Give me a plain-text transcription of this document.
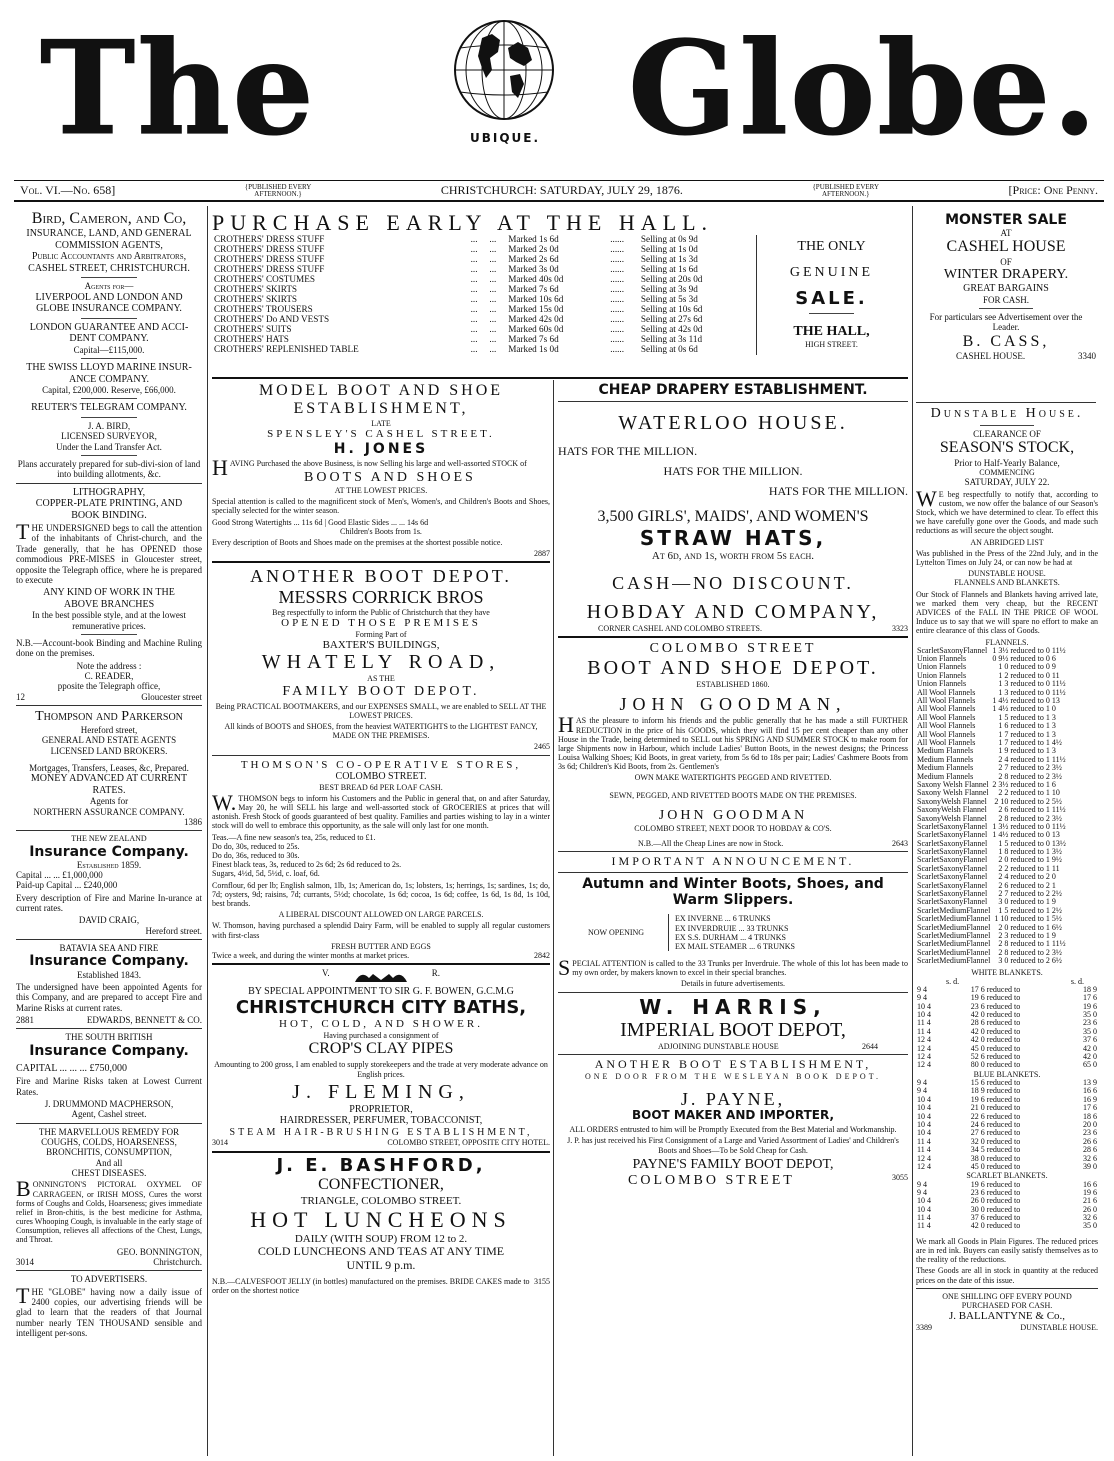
The	UBIQUE. Globe.
Vol. VI.—No. 658]	{PUBLISHED EVERY AFTERNOON.}	CHRISTCHURCH: SATURDAY, JULY 29, 1876.	{PUBLISHED EVERY AFTERNOON.}	[Price: One Penny.
Bird, Cameron, and Co,
INSURANCE, LAND, AND GENERAL
COMMISSION AGENTS,
Public Accountants and Arbitrators,
CASHEL STREET, CHRISTCHURCH.
Agents for—
LIVERPOOL AND LONDON AND
GLOBE INSURANCE COMPANY.
LONDON GUARANTEE AND ACCI-
DENT COMPANY.
Capital—£115,000.
THE SWISS LLOYD MARINE INSUR-
ANCE COMPANY.
Capital, £200,000. Reserve, £66,000.
REUTER'S TELEGRAM COMPANY.
J. A. BIRD,
LICENSED SURVEYOR,
Under the Land Transfer Act.
Plans accurately prepared for sub-divi-sion of land into building allotments, &c.
LITHOGRAPHY,
COPPER-PLATE PRINTING, AND
BOOK BINDING.

THE UNDERSIGNED begs to call the attention of the inhabitants of Christ-church, and the Trade generally, that he has OPENED those commodious PRE-MISES in Gloucester street, opposite the Telegraph office, where he is prepared to execute

ANY KIND OF WORK IN THE
ABOVE BRANCHES
In the best possible style, and at the lowest remunerative prices.

N.B.—Account-book Binding and Machine Ruling done on the premises.

Note the address :
C. READER,
pposite the Telegraph office,
12	Gloucester street
Thompson and Parkerson
Hereford street,
GENERAL AND ESTATE AGENTS
LICENSED LAND BROKERS.
Mortgages, Transfers, Leases, &c, Prepared.
MONEY ADVANCED AT CURRENT
RATES.
Agents for
NORTHERN ASSURANCE COMPANY.
1386
THE NEW ZEALAND
Insurance Company.
Established 1859.
Capital ... ... £1,000,000
Paid-up Capital ... £240,000

Every description of Fire and Marine In-urance at current rates.

DAVID CRAIG,
Hereford street.
BATAVIA SEA AND FIRE
Insurance Company.
Established 1843.

The undersigned have been appointed Agents for this Company, and are prepared to accept Fire and Marine Risks at current rates.

2881	EDWARDS, BENNETT & CO.
THE SOUTH BRITISH
Insurance Company.
CAPITAL ... ... ... £750,000

Fire and Marine Risks taken at Lowest Current Rates.

J. DRUMMOND MACPHERSON,
Agent, Cashel street.
THE MARVELLOUS REMEDY FOR
COUGHS, COLDS, HOARSENESS,
BRONCHITIS, CONSUMPTION,
And all
CHEST DISEASES.

BONNINGTON'S PICTORAL OXYMEL OF CARRAGEEN, or IRISH MOSS, Cures the worst forms of Coughs and Colds, Hoarseness; gives immediate relief in Bron-chitis, is the best medicine for Asthma, cures Whooping Cough, is invaluable in the early stage of Consumption, relieves all affections of the Chest, Lungs, and Throat.

GEO. BONNINGTON,
3014	Christchurch.
TO ADVERTISERS.

THE "GLOBE" having now a daily issue of 2400 copies, our advertising friends will be glad to learn that the readers of that Journal number nearly TEN THOUSAND sensible and intelligent per-sons.

PURCHASE EARLY AT THE HALL.
CROTHERS' DRESS STUFF	...	...	Marked 1s 6d	......	Selling at 0s 9d
CROTHERS' DRESS STUFF	...	...	Marked 2s 0d	......	Selling at 1s 0d
CROTHERS' DRESS STUFF	...	...	Marked 2s 6d	......	Selling at 1s 3d
CROTHERS' DRESS STUFF	...	...	Marked 3s 0d	......	Selling at 1s 6d
CROTHERS' COSTUMES	...	...	Marked 40s 0d	......	Selling at 20s 0d
CROTHERS' SKIRTS	...	...	Marked 7s 6d	......	Selling at 3s 9d
CROTHERS' SKIRTS	...	...	Marked 10s 6d	......	Selling at 5s 3d
CROTHERS' TROUSERS	...	...	Marked 15s 0d	......	Selling at 10s 6d
CROTHERS' Do AND VESTS	...	...	Marked 42s 0d	......	Selling at 27s 6d
CROTHERS' SUITS	...	...	Marked 60s 0d	......	Selling at 42s 0d
CROTHERS' HATS	...	...	Marked 7s 6d	......	Selling at 3s 11d
CROTHERS' REPLENISHED TABLE	...	...	Marked 1s 0d	......	Selling at 0s 6d
THE ONLY
GENUINE
SALE.
THE HALL,
HIGH STREET.
MONSTER SALE
AT
CASHEL HOUSE
OF
WINTER DRAPERY.
GREAT BARGAINS
FOR CASH.
For particulars see Advertisement over the Leader.
B. CASS,
CASHEL HOUSE.	3340
MODEL BOOT AND SHOE
ESTABLISHMENT,
LATE
SPENSLEY'S CASHEL STREET.
H. JONES

HAVING Purchased the above Business, is now Selling his large and well-assorted STOCK of

BOOTS AND SHOES
AT THE LOWEST PRICES.

Special attention is called to the magnificent stock of Men's, Women's, and Children's Boots and Shoes, specially selected for the winter season.

Good Strong Watertights ... 11s 6d | Good Elastic Sides ... ... 14s 6d
Children's Boots from 1s.

Every description of Boots and Shoes made on the premises at the shortest possible notice.

2887
ANOTHER BOOT DEPOT.
MESSRS CORRICK BROS
Beg respectfully to inform the Public of Christchurch that they have
OPENED THOSE PREMISES
Forming Part of
BAXTER'S BUILDINGS,
WHATELY ROAD,
AS THE
FAMILY BOOT DEPOT.

Being PRACTICAL BOOTMAKERS, and our EXPENSES SMALL, we are enabled to SELL AT THE LOWEST PRICES.

All kinds of BOOTS and SHOES, from the heaviest WATERTIGHTS to the LIGHTEST FANCY, MADE ON THE PREMISES.

2465
THOMSON'S CO-OPERATIVE STORES,
COLOMBO STREET.
BEST BREAD 6d PER LOAF CASH.

W.THOMSON begs to inform his Customers and the Public in general that, on and after Saturday, May 20, he will SELL his large and well-assorted stock of GROCERIES at prices that will astonish. Fresh Stock of goods guaranteed of best quality. Families and parties wishing to lay in a winter stock will do well to embrace this opportunity, as the sale will only last for one month.

Teas.—A fine new season's tea, 25s, reduced to £1.
Do do, 30s, reduced to 25s.
Do do, 36s, reduced to 30s.
Finest black teas, 3s, reduced to 2s 6d; 2s 6d reduced to 2s.
Sugars, 4½d, 5d, 5½d, c. loaf, 6d.

Cornflour, 6d per lb; English salmon, 1lb, 1s; American do, 1s; lobsters, 1s; herrings, 1s; sardines, 1s; do, 7d; oysters, 9d; raisins, 7d; currants, 5½d; chocolate, 1s 6d; cocoa, 1s 6d; coffee, 1s 6d, 1s 8d, 1s 10d, best brands.

A LIBERAL DISCOUNT ALLOWED ON LARGE PARCELS.

W. Thomson, having purchased a splendid Dairy Farm, will be enabled to supply all regular customers with first-class

FRESH BUTTER AND EGGS
Twice a week, and during the winter months at market prices.	2842
V.	R.
BY SPECIAL APPOINTMENT TO SIR G. F. BOWEN, G.C.M.G
CHRISTCHURCH CITY BATHS,
HOT, COLD, AND SHOWER.
Having purchased a consignment of
CROP'S CLAY PIPES

Amounting to 200 gross, I am enabled to supply storekeepers and the trade at very moderate advance on English prices.

J. FLEMING,
PROPRIETOR,
HAIRDRESSER, PERFUMER, TOBACCONIST,
STEAM HAIR-BRUSHING ESTABLISHMENT,
3014	COLOMBO STREET, OPPOSITE CITY HOTEL.
J. E. BASHFORD,
CONFECTIONER,
TRIANGLE, COLOMBO STREET.
HOT LUNCHEONS
DAILY (WITH SOUP) FROM 12 to 2.
COLD LUNCHEONS AND TEAS AT ANY TIME
UNTIL 9 p.m.
N.B.—CALVESFOOT JELLY (in bottles) manufactured on the premises. BRIDE CAKES made to order on the shortest notice
3155
CHEAP DRAPERY ESTABLISHMENT.
WATERLOO HOUSE.
HATS FOR THE MILLION.
HATS FOR THE MILLION.
HATS FOR THE MILLION.
3,500 GIRLS', MAIDS', AND WOMEN'S
STRAW HATS,
At 6d, and 1s, worth from 5s each.
CASH—NO DISCOUNT.
HOBDAY AND COMPANY,
CORNER CASHEL AND COLOMBO STREETS.	3323
COLOMBO STREET
BOOT AND SHOE DEPOT.
ESTABLISHED 1860.
JOHN GOODMAN,

HAS the pleasure to inform his friends and the public generally that he has made a still FURTHER REDUCTION in the price of his GOODS, which they will find 15 per cent cheaper than any other House in the Trade, being determined to SELL out his SPRING AND SUMMER STOCK to make room for large Shipments now in Harbour, which include Ladies' Button Boots, in the newest designs; the Princess Louisa Walking Shoes; Kid Boots, in great variety, from 5s 6d to 18s per pair; Ladies' Cashmere Boots from 3s 6d; Children's Kid Boots, from 2s. Gentlemen's

OWN MAKE WATERTIGHTS PEGGED AND RIVETTED.
SEWN, PEGGED, AND RIVETTED BOOTS MADE ON THE PREMISES.
JOHN GOODMAN
COLOMBO STREET, NEXT DOOR TO HOBDAY & CO'S.
N.B.—All the Cheap Lines are now in Stock.	2643
IMPORTANT ANNOUNCEMENT.
Autumn and Winter Boots, Shoes, and Warm Slippers.
NOW OPENING
EX INVERNE ... 6 TRUNKS
EX INVERDRUIE ... 33 TRUNKS
EX S.S. DURHAM ... 4 TRUNKS
EX MAIL STEAMER ... 6 TRUNKS

SPECIAL ATTENTION is called to the 33 Trunks per Inverdruie. The whole of this lot has been made to my own order, by makers known to excel in their special branches.

Details in future advertisements.
W. HARRIS,
IMPERIAL BOOT DEPOT,
ADJOINING DUNSTABLE HOUSE	2644
ANOTHER BOOT ESTABLISHMENT,
ONE DOOR FROM THE WESLEYAN BOOK DEPOT.
J. PAYNE,
BOOT MAKER AND IMPORTER,

ALL ORDERS entrusted to him will be Promptly Executed from the Best Material and Workmanship.

J. P. has just received his First Consignment of a Large and Varied Assortment of Ladies' and Children's Boots and Shoes—To be Sold Cheap for Cash.

PAYNE'S FAMILY BOOT DEPOT,
COLOMBO STREET	3055
Dunstable House.
CLEARANCE OF
SEASON'S STOCK,
Prior to Half-Yearly Balance,
COMMENCING
SATURDAY, JULY 22.

WE beg respectfully to notify that, according to custom, we now offer the balance of our Season's Stock, which we have determined to clear. To effect this we have carefully gone over the Goods, and made such reductions as will secure the object sought.

AN ABRIDGED LIST

Was published in the Press of the 22nd July, and in the Lyttelton Times on July 24, or can now be had at

DUNSTABLE HOUSE.
FLANNELS AND BLANKETS.

Our Stock of Flannels and Blankets having arrived late, we marked them very cheap, but the RECENT ADVICES of the FALL IN THE PRICE OF WOOL Induce us to say that we will spare no effort to make an entire clearance of this class of Goods.

FLANNELS.
ScarletSaxonyFlannel	1 3½	reduced to 0 11½
Union Flannels	0 9½	reduced to 0 6
Union Flannels	1 0	reduced to 0 9
Union Flannels	1 2	reduced to 0 11
Union Flannels	1 3	reduced to 0 11½
All Wool Flannels	1 3	reduced to 0 11½
All Wool Flannels	1 4½	reduced to 0 13
All Wool Flannels	1 4½	reduced to 1 0
All Wool Flannels	1 5	reduced to 1 3
All Wool Flannels	1 6	reduced to 1 3
All Wool Flannels	1 7	reduced to 1 3
All Wool Flannels	1 7	reduced to 1 4½
Medium Flannels	1 9	reduced to 1 3
Medium Flannels	2 4	reduced to 1 11½
Medium Flannels	2 7	reduced to 2 3½
Medium Flannels	2 8	reduced to 2 3½
Saxony Welsh Flannel	2 3½	reduced to 1 6
Saxony Welsh Flannel	2 2	reduced to 1 10
SaxonyWelsh Flannel	2 10	reduced to 2 5½
SaxonyWelsh Flannel	2 6	reduced to 1 11½
SaxonyWelsh Flannel	2 8	reduced to 2 3½
ScarletSaxonyFlannel	1 3½	reduced to 0 11½
ScarletSaxonyFlannel	1 4½	reduced to 0 13
ScarletSaxonyFlannel	1 5	reduced to 0 13½
ScarletSaxonyFlannel	1 8	reduced to 1 3½
ScarletSaxonyFlannel	2 0	reduced to 1 9½
ScarletSaxonyFlannel	2 2	reduced to 1 11
ScarletSaxonyFlannel	2 4	reduced to 2 0
ScarletSaxonyFlannel	2 6	reduced to 2 1
ScarletSaxonyFlannel	2 7	reduced to 2 2½
ScarletSaxonyFlannel	3 0	reduced to 1 9
ScarletMediumFlannel	1 5	reduced to 1 2½
ScarletMediumFlannel	1 10	reduced to 1 5½
ScarletMediumFlannel	2 0	reduced to 1 6½
ScarletMediumFlannel	2 3	reduced to 1 9
ScarletMediumFlannel	2 8	reduced to 1 11½
ScarletMediumFlannel	2 8	reduced to 2 3½
ScarletMediumFlannel	3 0	reduced to 2 6½
WHITE BLANKETS.
s. d.	s. d.
9 4	17 6	reduced to	18 9
9 4	19 6	reduced to	17 6
10 4	23 6	reduced to	19 6
10 4	42 0	reduced to	35 0
11 4	28 6	reduced to	23 6
11 4	42 0	reduced to	35 0
12 4	42 0	reduced to	37 6
12 4	45 0	reduced to	42 0
12 4	52 6	reduced to	42 0
12 4	80 0	reduced to	65 0
BLUE BLANKETS.
9 4	15 6	reduced to	13 9
9 4	18 9	reduced to	16 6
10 4	19 6	reduced to	16 9
10 4	21 0	reduced to	17 6
10 4	22 6	reduced to	18 6
10 4	24 6	reduced to	20 0
10 4	27 6	reduced to	23 6
11 4	32 0	reduced to	26 6
11 4	34 5	reduced to	28 6
12 4	38 0	reduced to	32 6
12 4	45 0	reduced to	39 0
SCARLET BLANKETS.
9 4	19 6	reduced to	16 6
9 4	23 6	reduced to	19 6
10 4	26 0	reduced to	21 6
10 4	30 0	reduced to	26 0
11 4	37 6	reduced to	32 6
11 4	42 0	reduced to	35 0

We mark all Goods in Plain Figures. The reduced prices are in red ink. Buyers can easily satisfy themselves as to the reality of the reductions.

These Goods are all in stock in quantity at the reduced prices on the date of this issue.

ONE SHILLING OFF EVERY POUND
PURCHASED FOR CASH.
J. BALLANTYNE & Co.,
3389	DUNSTABLE HOUSE.
